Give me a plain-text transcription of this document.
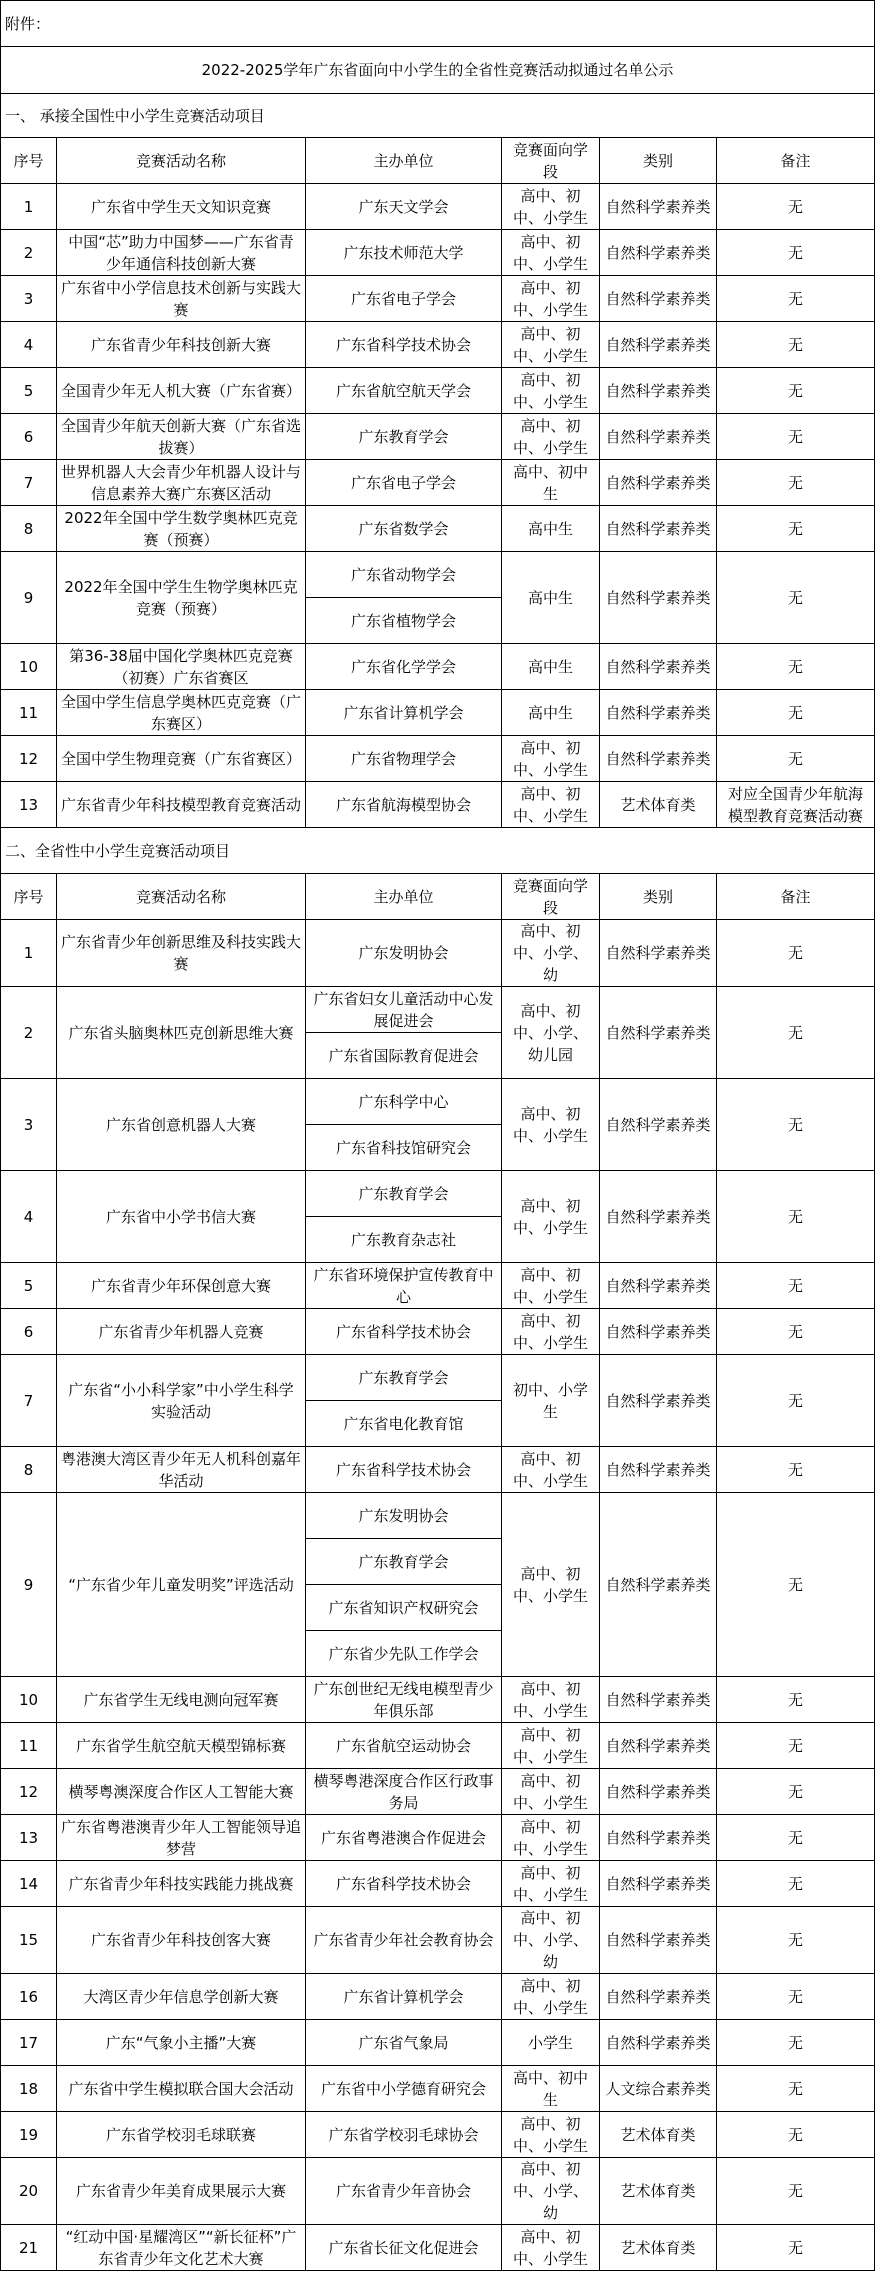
附件：					
2022-2025学年广东省面向中小学生的全省性竞赛活动拟通过名单公示					
一、 承接全国性中小学生竞赛活动项目					
序号	竞赛活动名称	主办单位	竞赛面向学段	类别	备注
1	广东省中学生天文知识竞赛	广东天文学会	高中、初中、小学生	自然科学素养类	无
2	中国“芯”助力中国梦——广东省青少年通信科技创新大赛	广东技术师范大学	高中、初中、小学生	自然科学素养类	无
3	广东省中小学信息技术创新与实践大赛	广东省电子学会	高中、初中、小学生	自然科学素养类	无
4	广东省青少年科技创新大赛	广东省科学技术协会	高中、初中、小学生	自然科学素养类	无
5	全国青少年无人机大赛（广东省赛）	广东省航空航天学会	高中、初中、小学生	自然科学素养类	无
6	全国青少年航天创新大赛（广东省选拔赛）	广东教育学会	高中、初中、小学生	自然科学素养类	无
7	世界机器人大会青少年机器人设计与信息素养大赛广东赛区活动	广东省电子学会	高中、初中生	自然科学素养类	无
8	2022年全国中学生数学奥林匹克竞赛（预赛）	广东省数学会	高中生	自然科学素养类	无
9	2022年全国中学生生物学奥林匹克竞赛（预赛）	广东省动物学会	高中生	自然科学素养类	无
		广东省植物学会			
10	第36-38届中国化学奥林匹克竞赛（初赛）广东省赛区	广东省化学学会	高中生	自然科学素养类	无
11	全国中学生信息学奥林匹克竞赛（广东赛区）	广东省计算机学会	高中生	自然科学素养类	无
12	全国中学生物理竞赛（广东省赛区）	广东省物理学会	高中、初中、小学生	自然科学素养类	无
13	广东省青少年科技模型教育竞赛活动	广东省航海模型协会	高中、初中、小学生	艺术体育类	对应全国青少年航海模型教育竞赛活动赛
二、全省性中小学生竞赛活动项目					
序号	竞赛活动名称	主办单位	竞赛面向学段	类别	备注
1	广东省青少年创新思维及科技实践大赛	广东发明协会	高中、初中、小学、幼	自然科学素养类	无
2	广东省头脑奥林匹克创新思维大赛	广东省妇女儿童活动中心发展促进会	高中、初中、小学、幼儿园	自然科学素养类	无
		广东省国际教育促进会			
3	广东省创意机器人大赛	广东科学中心	高中、初中、小学生	自然科学素养类	无
		广东省科技馆研究会			
4	广东省中小学书信大赛	广东教育学会	高中、初中、小学生	自然科学素养类	无
		广东教育杂志社			
5	广东省青少年环保创意大赛	广东省环境保护宣传教育中心	高中、初中、小学生	自然科学素养类	无
6	广东省青少年机器人竞赛	广东省科学技术协会	高中、初中、小学生	自然科学素养类	无
7	广东省“小小科学家”中小学生科学实验活动	广东教育学会	初中、小学生	自然科学素养类	无
		广东省电化教育馆			
8	粤港澳大湾区青少年无人机科创嘉年华活动	广东省科学技术协会	高中、初中、小学生	自然科学素养类	无
9	“广东省少年儿童发明奖”评选活动	广东发明协会	高中、初中、小学生	自然科学素养类	无
		广东教育学会			
		广东省知识产权研究会			
		广东省少先队工作学会			
10	广东省学生无线电测向冠军赛	广东创世纪无线电模型青少年俱乐部	高中、初中、小学生	自然科学素养类	无
11	广东省学生航空航天模型锦标赛	广东省航空运动协会	高中、初中、小学生	自然科学素养类	无
12	横琴粤澳深度合作区人工智能大赛	横琴粤港深度合作区行政事务局	高中、初中、小学生	自然科学素养类	无
13	广东省粤港澳青少年人工智能领导追梦营	广东省粤港澳合作促进会	高中、初中、小学生	自然科学素养类	无
14	广东省青少年科技实践能力挑战赛	广东省科学技术协会	高中、初中、小学生	自然科学素养类	无
15	广东省青少年科技创客大赛	广东省青少年社会教育协会	高中、初中、小学、幼	自然科学素养类	无
16	大湾区青少年信息学创新大赛	广东省计算机学会	高中、初中、小学生	自然科学素养类	无
17	广东“气象小主播”大赛	广东省气象局	小学生	自然科学素养类	无
18	广东省中学生模拟联合国大会活动	广东省中小学德育研究会	高中、初中生	人文综合素养类	无
19	广东省学校羽毛球联赛	广东省学校羽毛球协会	高中、初中、小学生	艺术体育类	无
20	广东省青少年美育成果展示大赛	广东省青少年音协会	高中、初中、小学、幼	艺术体育类	无
21	“红动中国·星耀湾区”“新长征杯”广东省青少年文化艺术大赛	广东省长征文化促进会	高中、初中、小学生	艺术体育类	无
